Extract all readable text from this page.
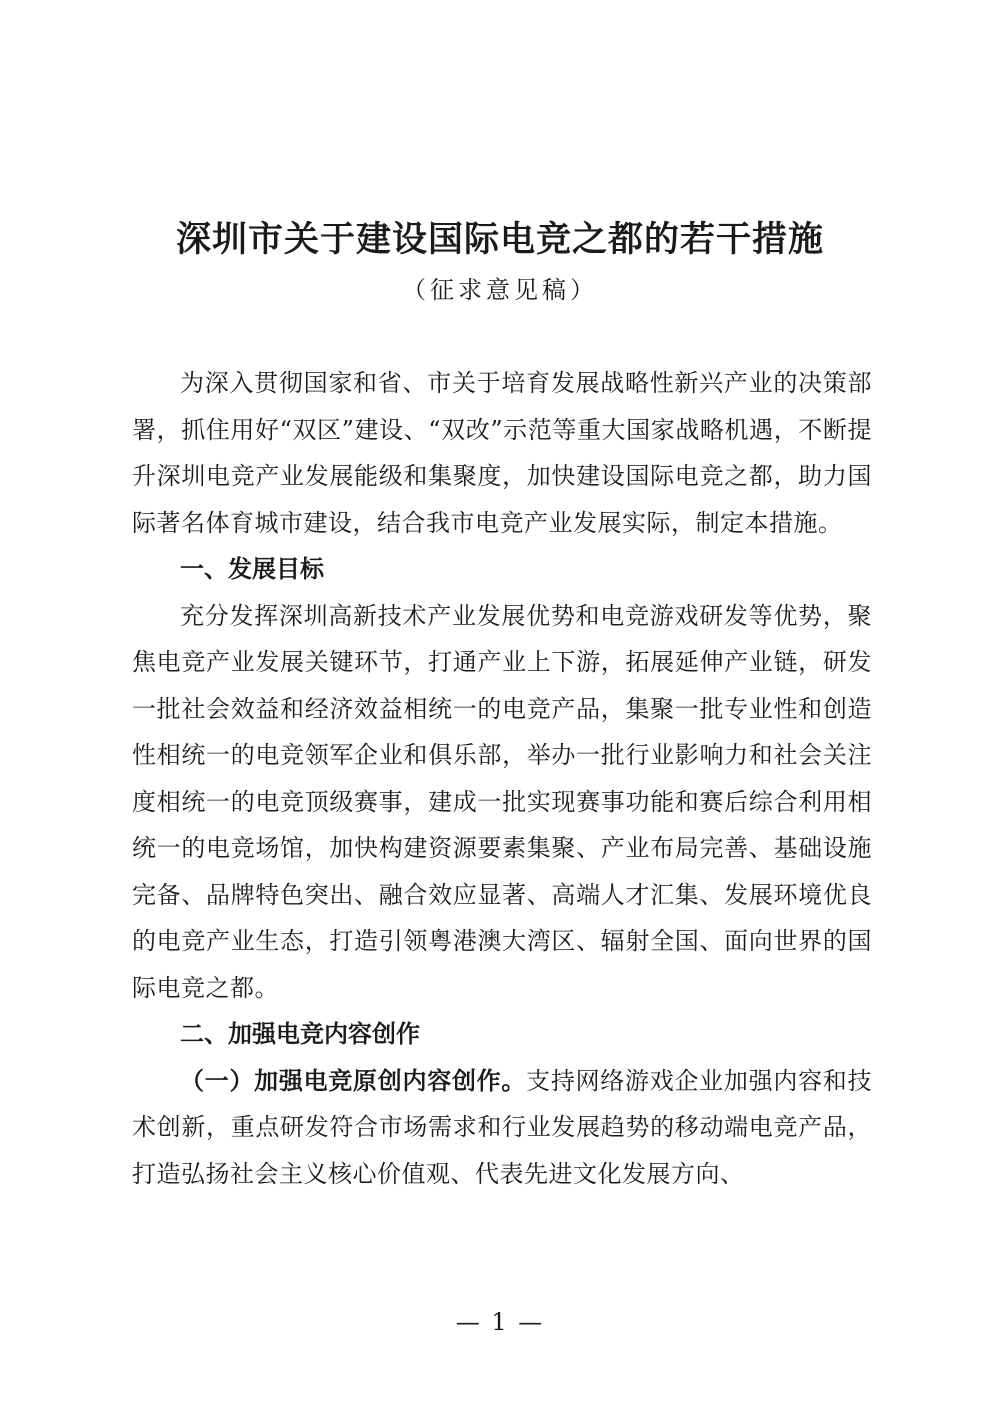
深圳市关于建设国际电竞之都的若干措施
（征求意见稿）

为深入贯彻国家和省、市关于培育发展战略性新兴产业的决策部署，抓住用好“双区”建设、“双改”示范等重大国家战略机遇，不断提升深圳电竞产业发展能级和集聚度，加快建设国际电竞之都，助力国际著名体育城市建设，结合我市电竞产业发展实际，制定本措施。

一、发展目标

充分发挥深圳高新技术产业发展优势和电竞游戏研发等优势，聚焦电竞产业发展关键环节，打通产业上下游，拓展延伸产业链，研发一批社会效益和经济效益相统一的电竞产品，集聚一批专业性和创造性相统一的电竞领军企业和俱乐部，举办一批行业影响力和社会关注度相统一的电竞顶级赛事，建成一批实现赛事功能和赛后综合利用相统一的电竞场馆，加快构建资源要素集聚、产业布局完善、基础设施完备、品牌特色突出、融合效应显著、高端人才汇集、发展环境优良的电竞产业生态，打造引领粤港澳大湾区、辐射全国、面向世界的国际电竞之都。

二、加强电竞内容创作

（一）加强电竞原创内容创作。支持网络游戏企业加强内容和技术创新，重点研发符合市场需求和行业发展趋势的移动端电竞产品，打造弘扬社会主义核心价值观、代表先进文化发展方向、

— 1 —
